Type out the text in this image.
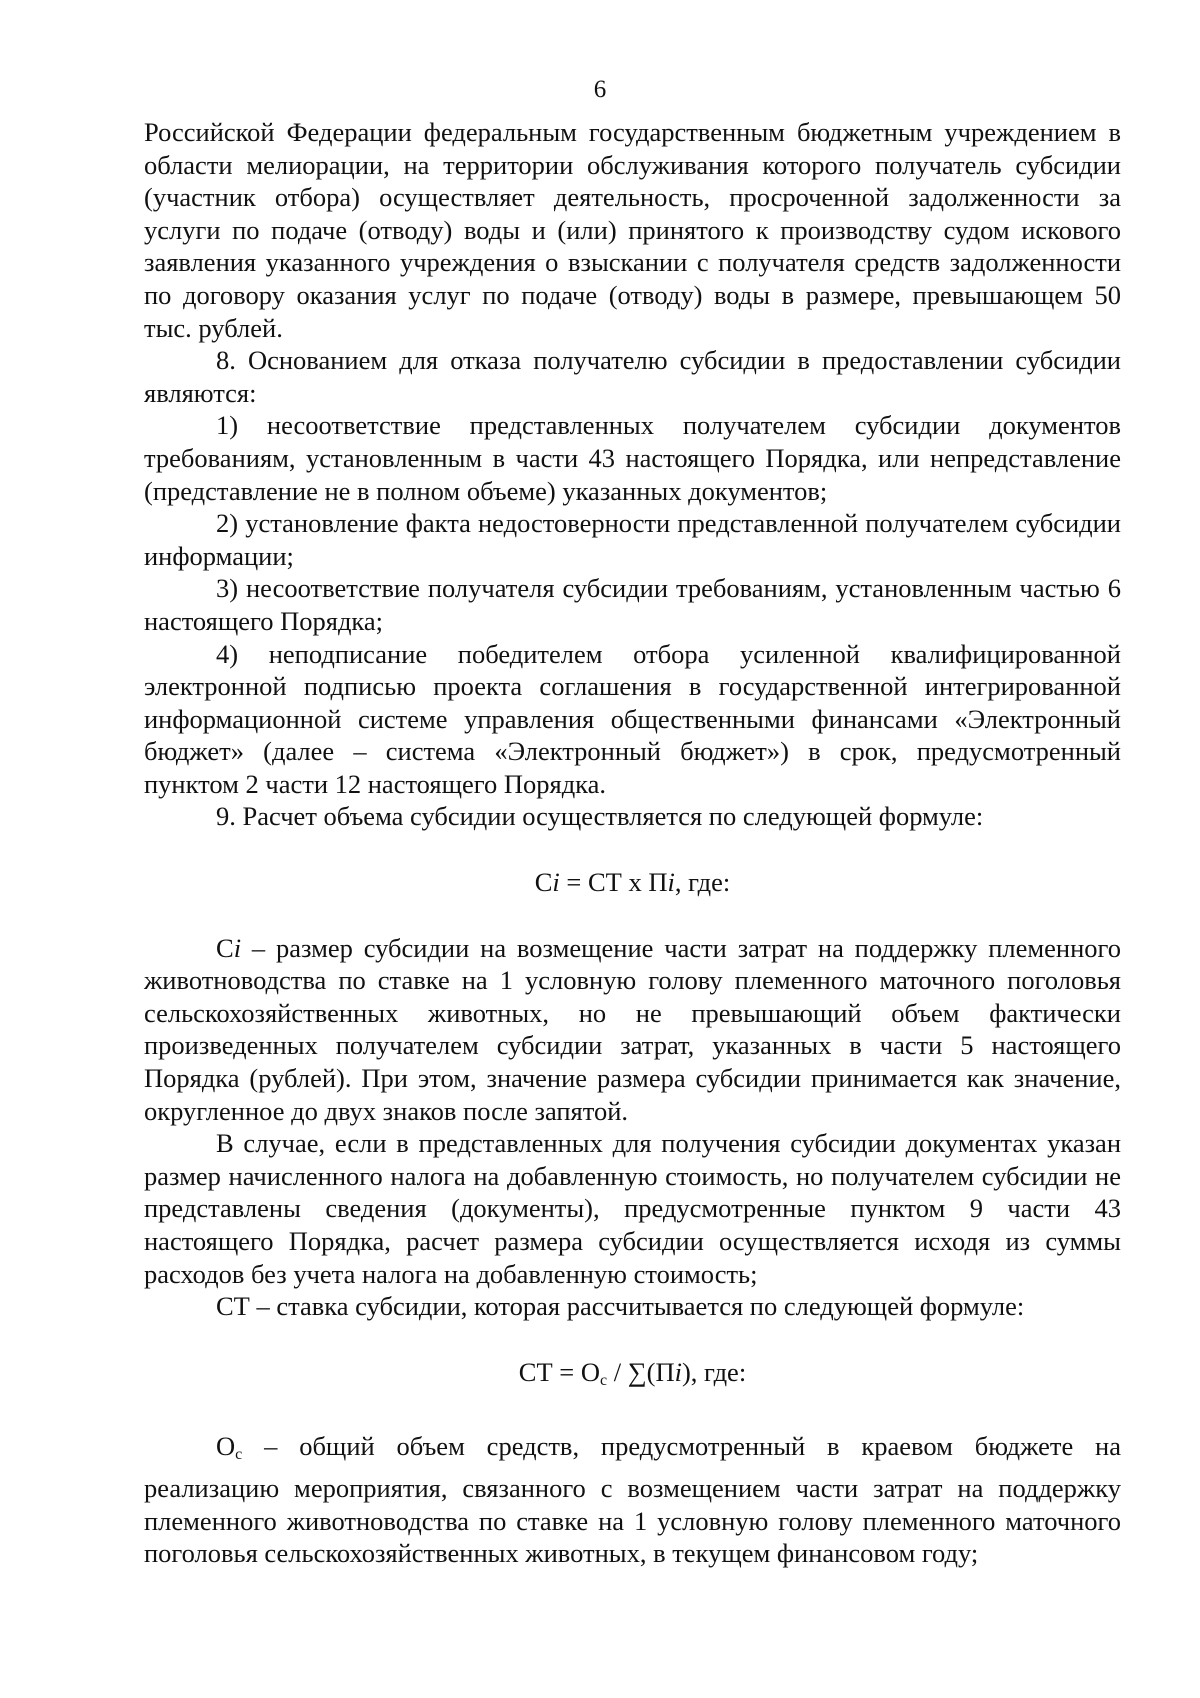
6

Российской Федерации федеральным государственным бюджетным учреждением в области мелиорации, на территории обслуживания которого получатель субсидии (участник отбора) осуществляет деятельность, просроченной задолженности за услуги по подаче (отводу) воды и (или) принятого к производству судом искового заявления указанного учреждения о взыскании с получателя средств задолженности по договору оказания услуг по подаче (отводу) воды в размере, превышающем 50 тыс. рублей.

8. Основанием для отказа получателю субсидии в предоставлении субсидии являются:

1) несоответствие представленных получателем субсидии документов требованиям, установленным в части 43 настоящего Порядка, или непредставление (представление не в полном объеме) указанных документов;

2) установление факта недостоверности представленной получателем субсидии информации;

3) несоответствие получателя субсидии требованиям, установленным частью 6 настоящего Порядка;

4) неподписание победителем отбора усиленной квалифицированной электронной подписью проекта соглашения в государственной интегрированной информационной системе управления общественными финансами «Электронный бюджет» (далее – система «Электронный бюджет») в срок, предусмотренный пунктом 2 части 12 настоящего Порядка.

9. Расчет объема субсидии осуществляется по следующей формуле:

Сi = СТ х Пi, где:

Сi – размер субсидии на возмещение части затрат на поддержку племенного животноводства по ставке на 1 условную голову племенного маточного поголовья сельскохозяйственных животных, но не превышающий объем фактически произведенных получателем субсидии затрат, указанных в части 5 настоящего Порядка (рублей). При этом, значение размера субсидии принимается как значение, округленное до двух знаков после запятой.

В случае, если в представленных для получения субсидии документах указан размер начисленного налога на добавленную стоимость, но получателем субсидии не представлены сведения (документы), предусмотренные пунктом 9 части 43 настоящего Порядка, расчет размера субсидии осуществляется исходя из суммы расходов без учета налога на добавленную стоимость;

СТ – ставка субсидии, которая рассчитывается по следующей формуле:

СТ = $О_с / \sum(Пi)$, где:

$О_с$ – общий объем средств, предусмотренный в краевом бюджете на реализацию мероприятия, связанного с возмещением части затрат на поддержку племенного животноводства по ставке на 1 условную голову племенного маточного поголовья сельскохозяйственных животных, в текущем финансовом году;
